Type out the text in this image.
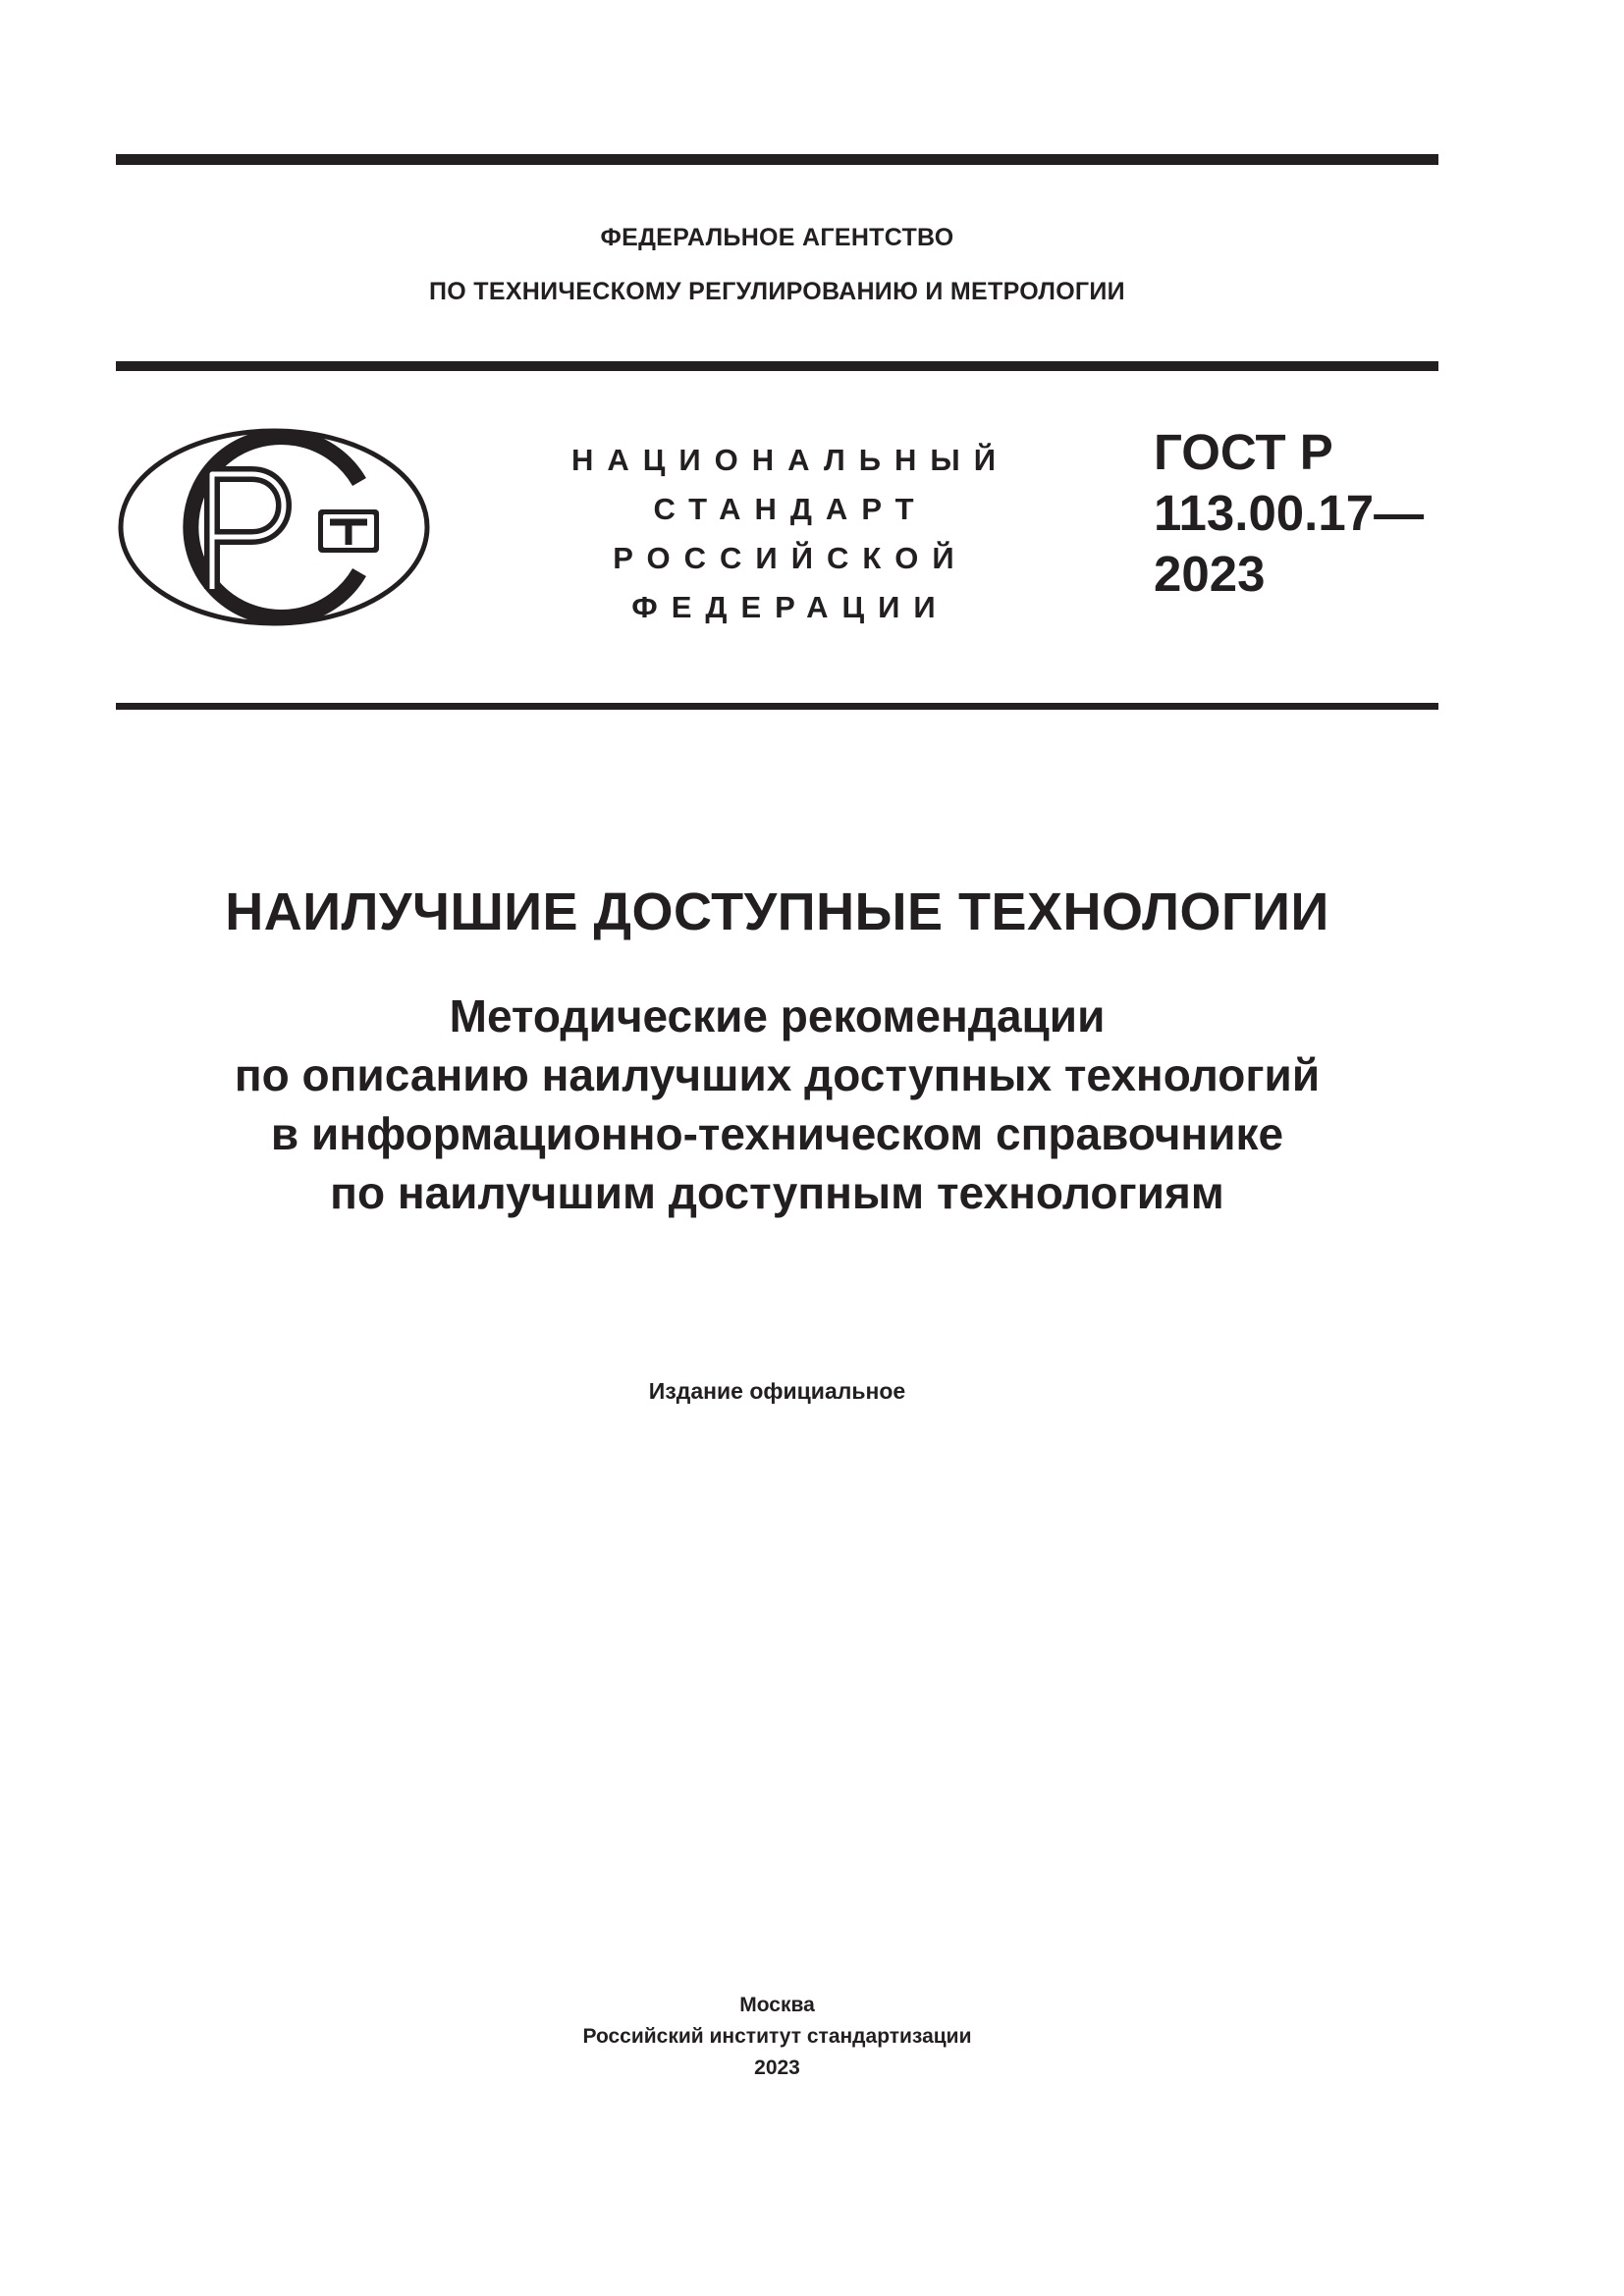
ФЕДЕРАЛЬНОЕ АГЕНТСТВО
ПО ТЕХНИЧЕСКОМУ РЕГУЛИРОВАНИЮ И МЕТРОЛОГИИ
НАЦИОНАЛЬНЫЙ
СТАНДАРТ
РОССИЙСКОЙ
ФЕДЕРАЦИИ
ГОСТ Р
113.00.17—
2023
НАИЛУЧШИЕ ДОСТУПНЫЕ ТЕХНОЛОГИИ
Методические рекомендации
по описанию наилучших доступных технологий
в информационно-техническом справочнике
по наилучшим доступным технологиям
Издание официальное
Москва
Российский институт стандартизации
2023
